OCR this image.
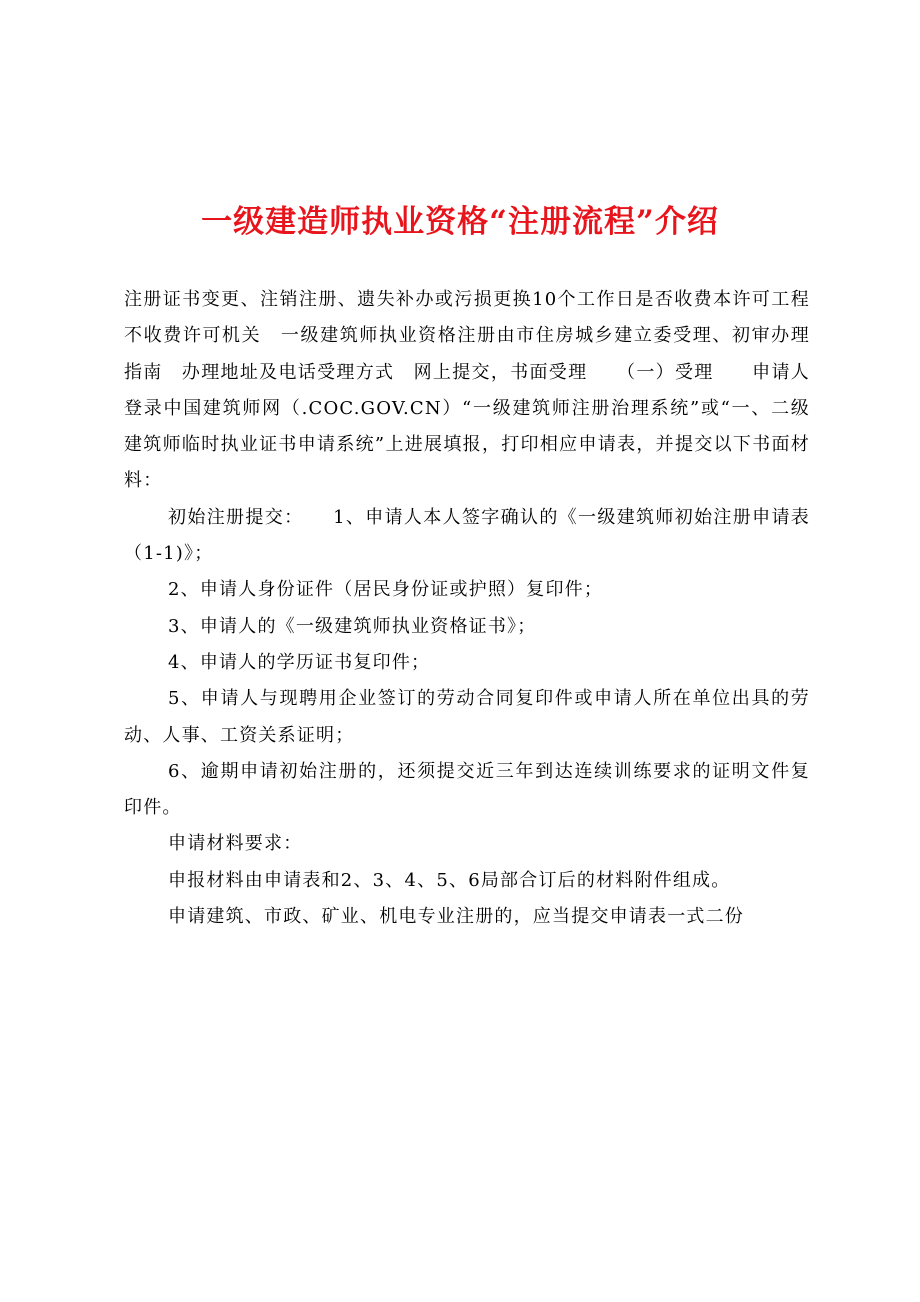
一级建造师执业资格“注册流程”介绍

注册证书变更、注销注册、遗失补办或污损更换10个工作日是否收费本许可工程不收费许可机关　一级建筑师执业资格注册由市住房城乡建立委受理、初审办理指南　办理地址及电话受理方式　网上提交，书面受理　　（一）受理　　申请人登录中国建筑师网（.COC.GOV.CN）“一级建筑师注册治理系统”或“一、二级建筑师临时执业证书申请系统”上进展填报，打印相应申请表，并提交以下书面材料：

初始注册提交：　　1、申请人本人签字确认的《一级建筑师初始注册申请表（1-1)》；

2、申请人身份证件（居民身份证或护照）复印件；

3、申请人的《一级建筑师执业资格证书》；

4、申请人的学历证书复印件；

5、申请人与现聘用企业签订的劳动合同复印件或申请人所在单位出具的劳动、人事、工资关系证明；

6、逾期申请初始注册的，还须提交近三年到达连续训练要求的证明文件复印件。

申请材料要求：

申报材料由申请表和2、3、4、5、6局部合订后的材料附件组成。

申请建筑、市政、矿业、机电专业注册的，应当提交申请表一式二份
